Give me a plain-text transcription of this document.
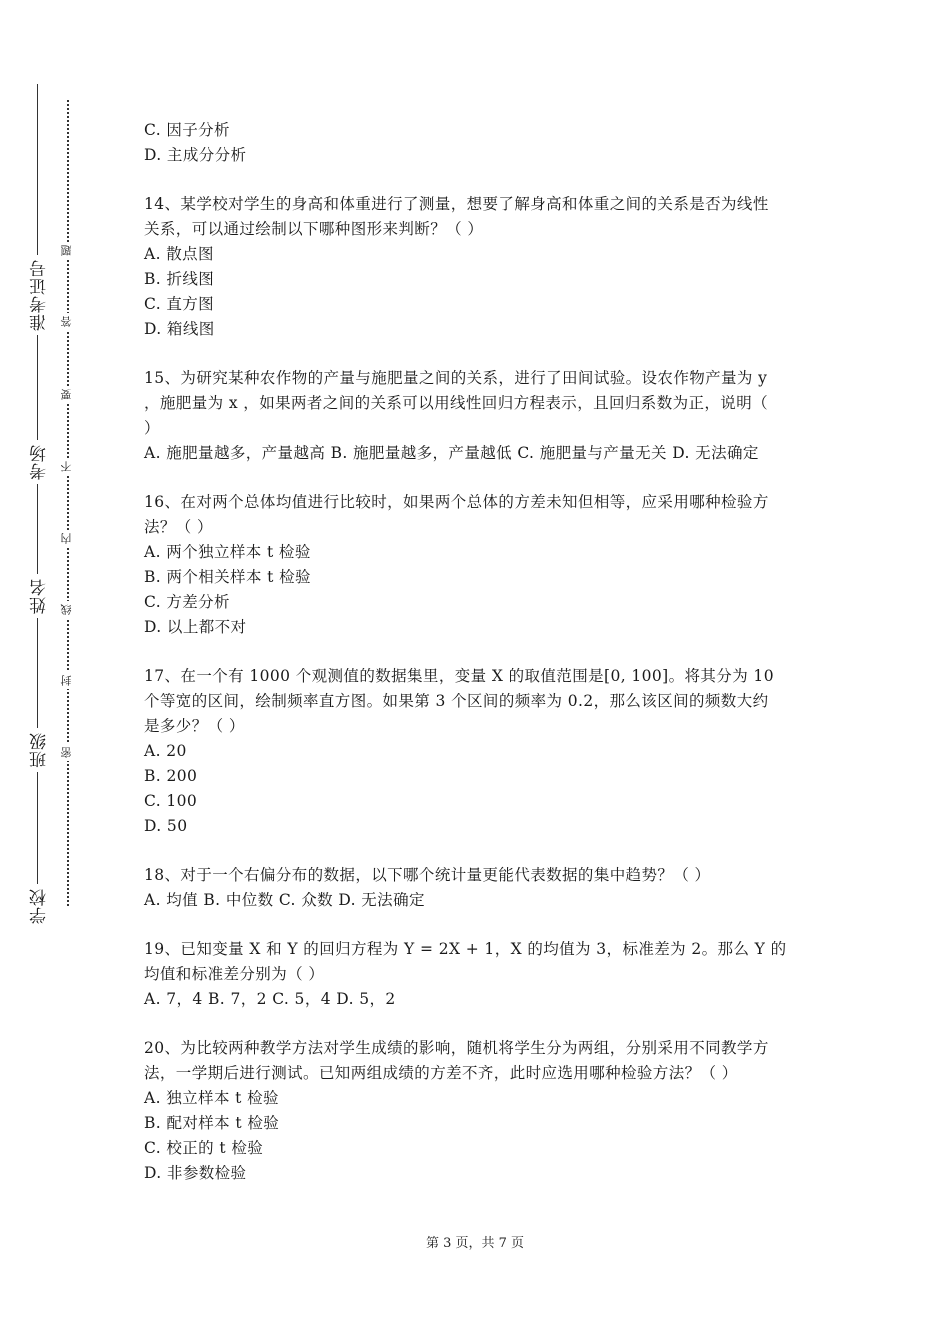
准考证号
考场
姓名
班级
学校
题
答
要
不
内
线
封
密
C. 因子分析
D. 主成分分析
14、某学校对学生的身高和体重进行了测量，想要了解身高和体重之间的关系是否为线性
关系，可以通过绘制以下哪种图形来判断？（ ）
A. 散点图
B. 折线图
C. 直方图
D. 箱线图
15、为研究某种农作物的产量与施肥量之间的关系，进行了田间试验。设农作物产量为 y
，施肥量为 x ，如果两者之间的关系可以用线性回归方程表示，且回归系数为正，说明（
）
A. 施肥量越多，产量越高 B. 施肥量越多，产量越低 C. 施肥量与产量无关 D. 无法确定
16、在对两个总体均值进行比较时，如果两个总体的方差未知但相等，应采用哪种检验方
法？（ ）
A. 两个独立样本 t 检验
B. 两个相关样本 t 检验
C. 方差分析
D. 以上都不对
17、在一个有 1000 个观测值的数据集里，变量 X 的取值范围是[0, 100]。将其分为 10
个等宽的区间，绘制频率直方图。如果第 3 个区间的频率为 0.2，那么该区间的频数大约
是多少？（ ）
A. 20
B. 200
C. 100
D. 50
18、对于一个右偏分布的数据，以下哪个统计量更能代表数据的集中趋势？（ ）
A. 均值 B. 中位数 C. 众数 D. 无法确定
19、已知变量 X 和 Y 的回归方程为 Y = 2X + 1，X 的均值为 3，标准差为 2。那么 Y 的
均值和标准差分别为（ ）
A. 7，4 B. 7，2 C. 5，4 D. 5，2
20、为比较两种教学方法对学生成绩的影响，随机将学生分为两组，分别采用不同教学方
法，一学期后进行测试。已知两组成绩的方差不齐，此时应选用哪种检验方法？（ ）
A. 独立样本 t 检验
B. 配对样本 t 检验
C. 校正的 t 检验
D. 非参数检验
第 3 页，共 7 页
